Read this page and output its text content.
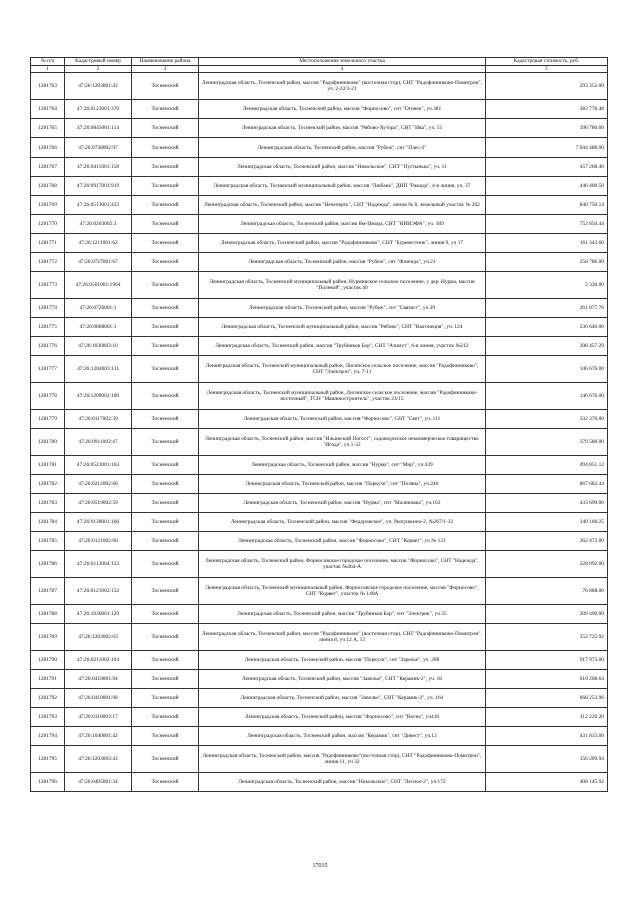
№ п/п	Кадастровый номер	Наименование района	Местоположение земельного участка	Кадастровая стоимость, руб.
1	2	3	4	5
1281763	47:26:1203001:43	Тосненский	Ленинградская область, Тосненский район, массив "Радофинниково" (восточная стор), СНТ "Радофинниково-Помитрон", уч. 2-22/3-21	293 352.00
1281764	47:26:0123001:370	Тосненский	Ленинградская область, Тосненский район, массив "Форносово", снт "Огонек", уч.381	383 778.48
1281765	47:26:0845001:114	Тосненский	Ленинградская область, Тосненский район, массив "Рябово-Хутора", СНТ "Ива", уч. 51	396 780.00
1281766	47:26:0730002:97	Тосненский	Ленинградская область, Тосненский район, массив "Рубеж", снт "Плес-2"	7 944 488.00
1281767	47:26:0411001:158	Тосненский	Ленинградская область, Тосненский район, массив "Никольское", СНТ "Пустынька", уч. 11	457 268.40
1281768	47:26:0917001:919	Тосненский	Ленинградская область, Тосненский муниципальный район, массив "Любань", ДНП "Рамада", 4-я линия, уч. 37	446 400.50
1281769	47:26:0513001:433	Тосненский	Ленинградская область, Тосненский район, массив "Нечеперть", СНТ "Надежда", линия № 8, земельный участок № 202	840 750.14
1281770	47:26:0203002:3	Тосненский	Ленинградская область, Тосненский район, массив Ям-Ижора, СНТ "НИИЭФА", уч. 189	752 850.44
1281771	47:26:1211001:62	Тосненский	Ленинградская область, Тосненский район, массив "Радофинниково", СНТ "Буревестник", линия 9, уч 17	161 343.60
1281772	47:26:0727001:67	Тосненский	Ленинградская область, Тосненский район, массив "Рубеж", снт "Фазенда", уч.21	258 786.00
1281773	47:26:0501001:1964	Тосненский	Ленинградская область, Тосненский муниципальный район, Нурминское сельское поселение, у дер. Нурма, массив "Полевой", участок 40	5 330.00
1281774	47:26:0726001:1	Тосненский	Ленинградская область, Тосненский район, массив "Рубеж", снт "Связист", уч.39	261 877.76
1281775	47:26:0808001:1	Тосненский	Ленинградская область, Тосненский муниципальный район, массив "Рябово", СНТ "Выгонеция", уч. 124	236 640.00
1281776	47:26:1030003:10	Тосненский	Ленинградская область, Тосненский район, массив "Трубников Бор", СНТ "Азимут", 6-я линия, участок №212	208 457.29
1281777	47:26:1204003:111	Тосненский	Ленинградская область, Тосненский муниципальный район, Лисинское сельское поселение, массив "Радофинниково", СНТ "Электрон", уч. 7-11	146 676.00
1281778	47:26:1209002:100	Тосненский	Ленинградская область, Тосненский муниципальный район, Лисинское сельское поселение, массив "Радофинниково-восточный", ТСН "Машиностроитель", участок 23/15	146 676.00
1281779	47:26:0117002:39	Тосненский	Ленинградская область, Тосненский район, массив "Форносово", СНТ "Свет", уч. 111	332 376.00
1281780	47:26:0911002:47	Тосненский	Ленинградская область, Тосненский район, массив "Ильинский Погост", садоводческое некоммерческое товарищество "Ягода", уч 1-32	370 580.00
1281781	47:26:0521001:163	Тосненский	Ленинградская область, Тосненский район, массив "Нурма", снт "Мир", уч.439	494 851.12
1281782	47:26:0212002:60	Тосненский	Ленинградская область, Тосненский район, массив "Поркузи", снт "Поляна", уч.240	867 682.44
1281783	47:26:0519002:59	Тосненский	Ленинградская область, Тосненский район, массив "Нурма", снт "Малиновка", уч.163	433 690.00
1281784	47:26:0138001:166	Тосненский	Ленинградская область, Тосненский район, массив "Федоровское", уч. Рыпушкино-2, №267/1-32	340 166.25
1281785	47:26:0121002:60	Тосненский	Ленинградская область, Тосненский район, массив "Форносово", СНТ "Корвет", уч № 131	362 472.00
1281786	47:26:0113004:133	Тосненский	Ленинградская область, Тосненский район, Форносовское городское поселение, массив "Форносово", СНТ "Надежда", участок №464-А	328 092.00
1281787	47:26:0121002:132	Тосненский	Ленинградская область, Тосненский муниципальный район, Форносовское городское поселение, массив "Форносово", СНТ "Корвет", участок № 140А	76 888.00
1281788	47:26:1036001:129	Тосненский	Ленинградская область, Тосненский район, массив "Трубников Бор", снт "Электрик", уч.35	209 490.00
1281789	47:26:1203002:63	Тосненский	Ленинградская область, Тосненский район, массив "Радофинниково" (восточная стор), СНТ "Радофинниково-Помитрон", линия 8, уч 12 А, 13	252 725.92
1281790	47:26:0211002:104	Тосненский	Ленинградская область, Тосненский район, массив "Поркузи", снт "Заречье", уч. 208	917 973.00
1281791	47:26:0410001:94	Тосненский	Ленинградская область, Тосненский район, массив "Заволье", СНТ "Керамик-2", уч. 18	610 208.64
1281792	47:26:0410001:98	Тосненский	Ленинградская область, Тосненский район, массив "Заволье", СНТ "Керамик-2", уч. 164	668 253.96
1281793	47:26:0110003:17	Тосненский	Ленинградская область, Тосненский район, массив "Форносово", снт "Весна", уч416	312 226.20
1281794	47:26:1040001:42	Тосненский	Ленинградская область, Тосненский район, массив "Керамик", снт "Дивест", уч.12	431 833.00
1281795	47:26:1203003:43	Тосненский	Ленинградская область, Тосненский район, массив "Радофинниково"(восточная стор), СНТ "Радофинниково-Помитрон", линия 11, уч 32	156 209.94
1281796	47:26:0405001:34	Тосненский	Ленинградская область, Тосненский район, массив "Никольское", СНТ "Лесное-2", уч.172	408 145.92
17015
